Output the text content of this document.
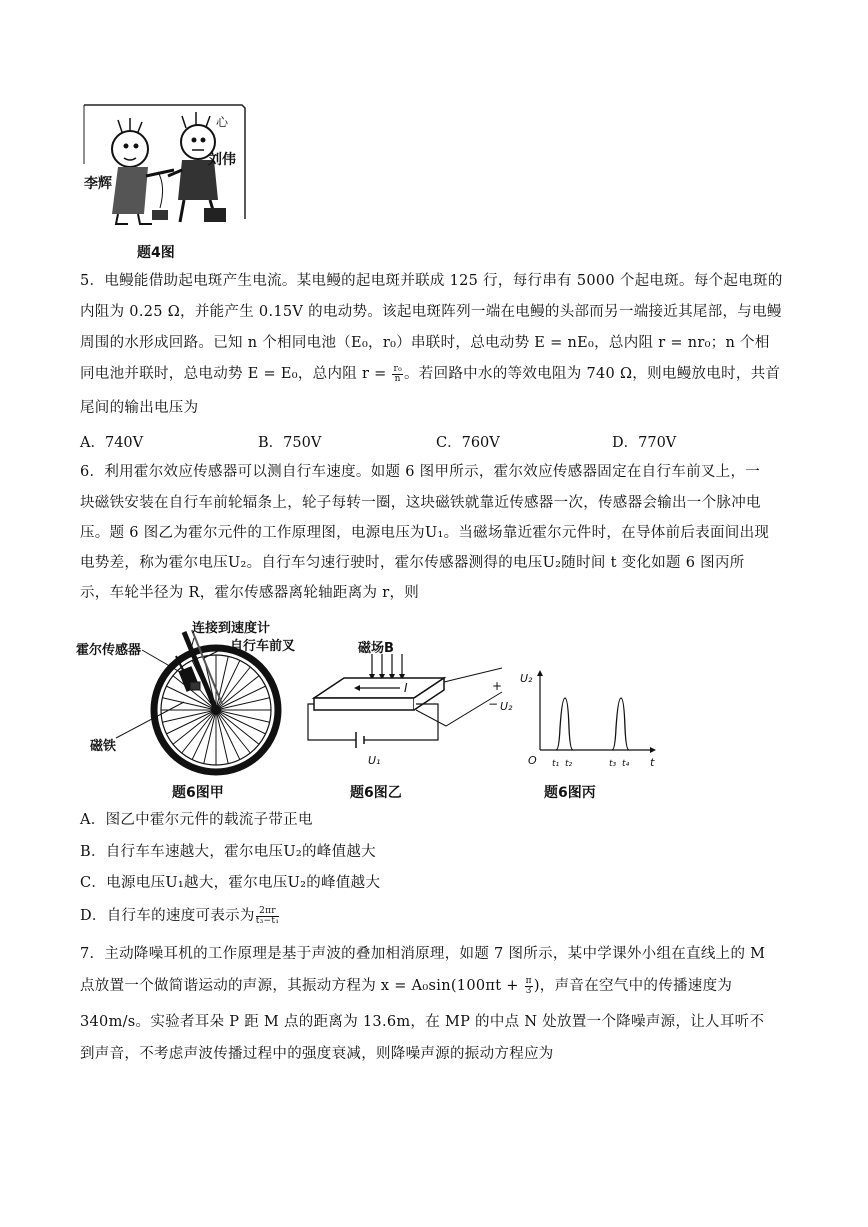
李辉
刘伟
心
题4图
5．电鳗能借助起电斑产生电流。某电鳗的起电斑并联成 125 行，每行串有 5000 个起电斑。每个起电斑的
内阻为 0.25 Ω，并能产生 0.15V 的电动势。该起电斑阵列一端在电鳗的头部而另一端接近其尾部，与电鳗
周围的水形成回路。已知 n 个相同电池（E₀，r₀）串联时，总电动势 E = nE₀，总内阻 r = nr₀；n 个相
同电池并联时，总电动势 E = E₀，总内阻 $r = \frac{\text{r₀}}{n}$ 。若回路中水的等效电阻为 740 Ω，则电鳗放电时，共首
尾间的输出电压为
A．740V	B．750V	C．760V	D．770V
6．利用霍尔效应传感器可以测自行车速度。如题 6 图甲所示，霍尔效应传感器固定在自行车前叉上，一
块磁铁安装在自行车前轮辐条上，轮子每转一圈，这块磁铁就靠近传感器一次，传感器会输出一个脉冲电
压。题 6 图乙为霍尔元件的工作原理图，电源电压为U₁。当磁场靠近霍尔元件时，在导体前后表面间出现
电势差，称为霍尔电压U₂。自行车匀速行驶时，霍尔传感器测得的电压U₂随时间 t 变化如题 6 图丙所
示，车轮半径为 R，霍尔传感器离轮轴距离为 r，则
霍尔传感器
连接到速度计
自行车前叉
磁铁
题6图甲
磁场B
I	+
− U₂
U₁
题6图乙
U₂
t
O t₁ t₂	t₃ t₄
题6图丙
A．图乙中霍尔元件的载流子带正电
B．自行车车速越大，霍尔电压U₂的峰值越大
C．电源电压U₁越大，霍尔电压U₂的峰值越大
D．自行车的速度可表示为 $\frac{2\pi r}{\text{t₃−t₁}}$
7．主动降噪耳机的工作原理是基于声波的叠加相消原理，如题 7 图所示，某中学课外小组在直线上的 M
点放置一个做简谐运动的声源，其振动方程为 $x = A_0\sin(100\pi t + \frac{\pi}{3}$ )，声音在空气中的传播速度为
340m/s。实验者耳朵 P 距 M 点的距离为 13.6m，在 MP 的中点 N 处放置一个降噪声源，让人耳听不
到声音，不考虑声波传播过程中的强度衰减，则降噪声源的振动方程应为
